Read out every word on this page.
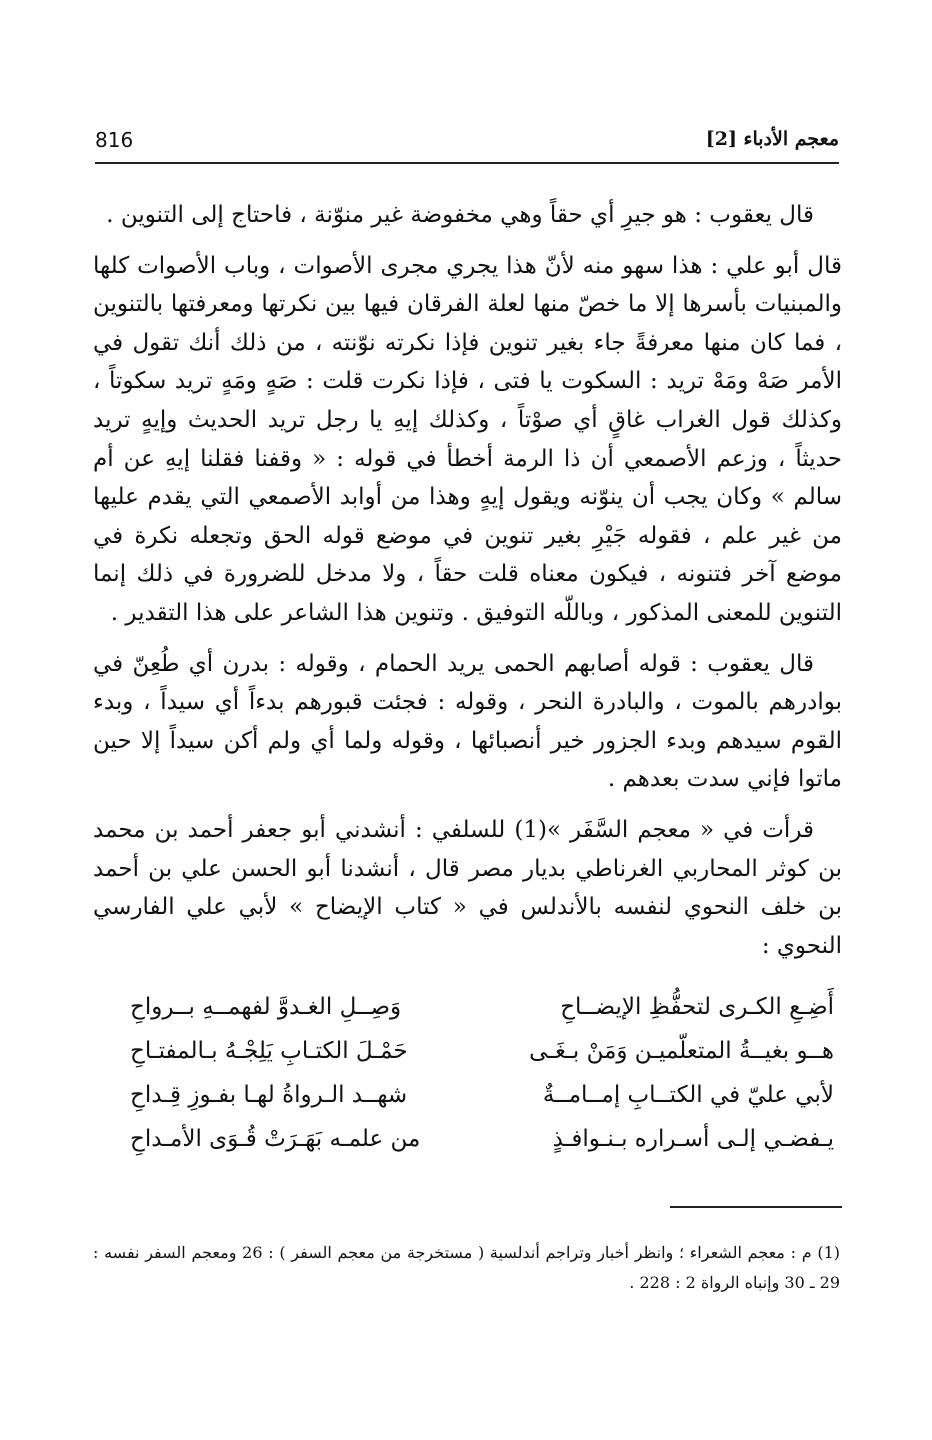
معجم الأدباء [2]
816

قال يعقوب : هو جيرِ أي حقاً وهي مخفوضة غير منوّنة ، فاحتاج إلى التنوين .

قال أبو علي : هذا سهو منه لأنّ هذا يجري مجرى الأصوات ، وباب الأصوات كلها والمبنيات بأسرها إلا ما خصّ منها لعلة الفرقان فيها بين نكرتها ومعرفتها بالتنوين ، فما كان منها معرفةً جاء بغير تنوين فإذا نكرته نوّنته ، من ذلك أنك تقول في الأمر صَهْ ومَهْ تريد : السكوت يا فتى ، فإذا نكرت قلت : صَهٍ ومَهٍ تريد سكوتاً ، وكذلك قول الغراب غاقٍ أي صوْتاً ، وكذلك إيهِ يا رجل تريد الحديث وإيهٍ تريد حديثاً ، وزعم الأصمعي أن ذا الرمة أخطأ في قوله : « وقفنا فقلنا إيهِ عن أم سالم » وكان يجب أن ينوّنه ويقول إيهٍ وهذا من أوابد الأصمعي التي يقدم عليها من غير علم ، فقوله جَيْرِ بغير تنوين في موضع قوله الحق وتجعله نكرة في موضع آخر فتنونه ، فيكون معناه قلت حقاً ، ولا مدخل للضرورة في ذلك إنما التنوين للمعنى المذكور ، وباللّه التوفيق . وتنوين هذا الشاعر على هذا التقدير .

قال يعقوب : قوله أصابهم الحمى يريد الحمام ، وقوله : بدرن أي طُعِنّ في بوادرهم بالموت ، والبادرة النحر ، وقوله : فجئت قبورهم بدءاً أي سيداً ، وبدء القوم سيدهم وبدء الجزور خير أنصبائها ، وقوله ولما أي ولم أكن سيداً إلا حين ماتوا فإني سدت بعدهم .

قرأت في « معجم السَّفَر »(1) للسلفي : أنشدني أبو جعفر أحمد بن محمد بن كوثر المحاربي الغرناطي بديار مصر قال ، أنشدنا أبو الحسن علي بن أحمد بن خلف النحوي لنفسه بالأندلس في « كتاب الإيضاح » لأبي علي الفارسي النحوي :

أَضِـعِ الكـرى لتحفُّظِ الإيضــاحِ
وَصِــلِ الغـدوَّ لفهمــهِ بــرواحِ
هــو بغيــةُ المتعلّميـن وَمَنْ بـغَـى
حَمْـلَ الكتـابِ يَلِجْـهُ بـالمفتـاحِ
لأبي عليّ في الكتــابِ إمــامــةٌ
شهــد الـرواةُ لهـا بفـوزِ قِـداحِ
يـفضـي إلـى أسـراره بـنـوافـذٍ
من علمـه بَهَـرَتْ قُـوَى الأمـداحِ
(1) م : معجم الشعراء ؛ وانظر أخبار وتراجم أندلسية ( مستخرجة من معجم السفر ) : 26 ومعجم السفر نفسه : 29 ـ 30 وإنباه الرواة 2 : 228 .
